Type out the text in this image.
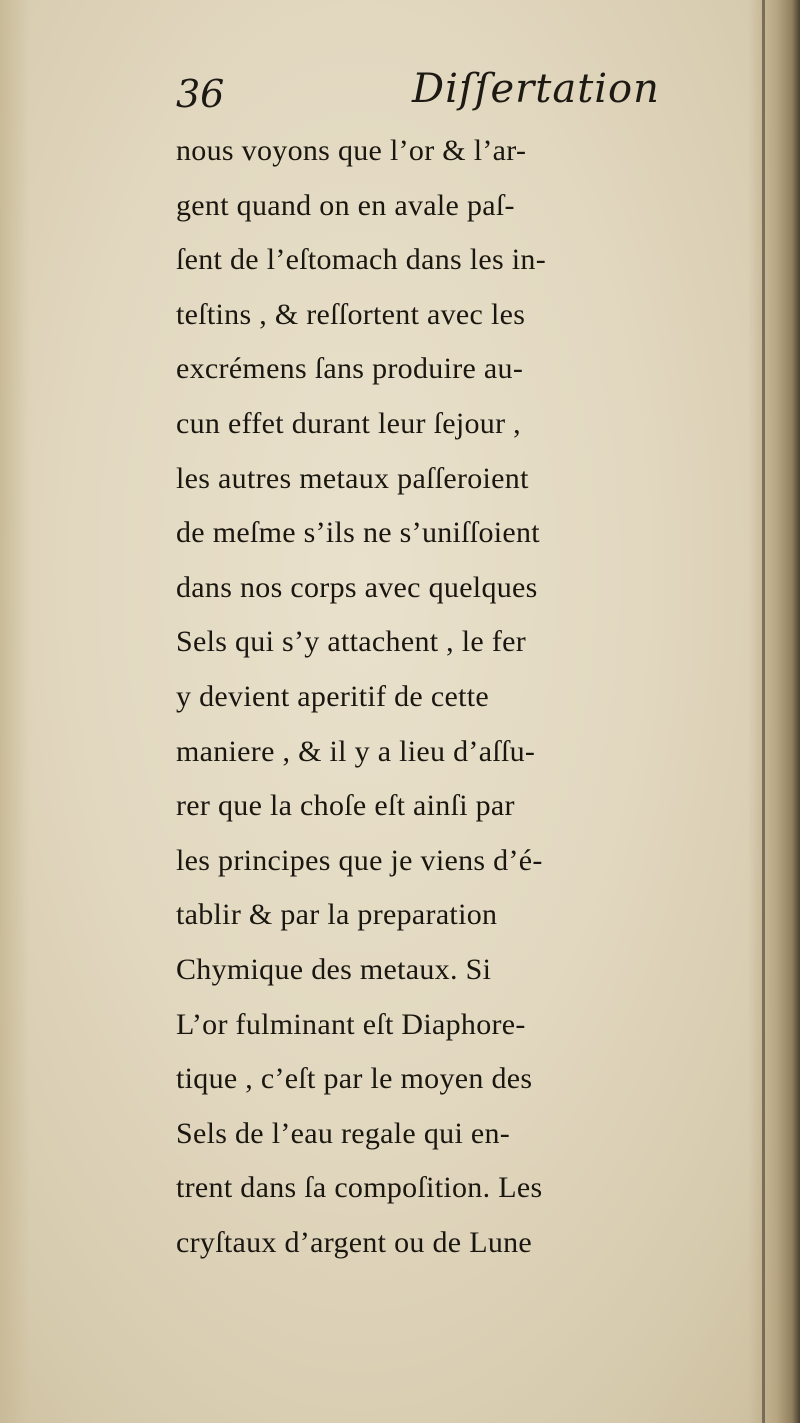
36	Diſſertation
nous voyons que l’or & l’ar-
gent quand on en avale paſ-
ſent de l’eſtomach dans les in-
teſtins , & reſſortent avec les
excrémens ſans produire au-
cun effet durant leur ſejour ,
les autres metaux paſſeroient
de meſme s’ils ne s’uniſſoient
dans nos corps avec quelques
Sels qui s’y attachent , le fer
y devient aperitif de cette
maniere , & il y a lieu d’aſſu-
rer que la choſe eſt ainſi par
les principes que je viens d’é-
tablir & par la preparation
Chymique des metaux. Si
L’or fulminant eſt Diaphore-
tique , c’eſt par le moyen des
Sels de l’eau regale qui en-
trent dans ſa compoſition. Les
cryſtaux d’argent ou de Lune
